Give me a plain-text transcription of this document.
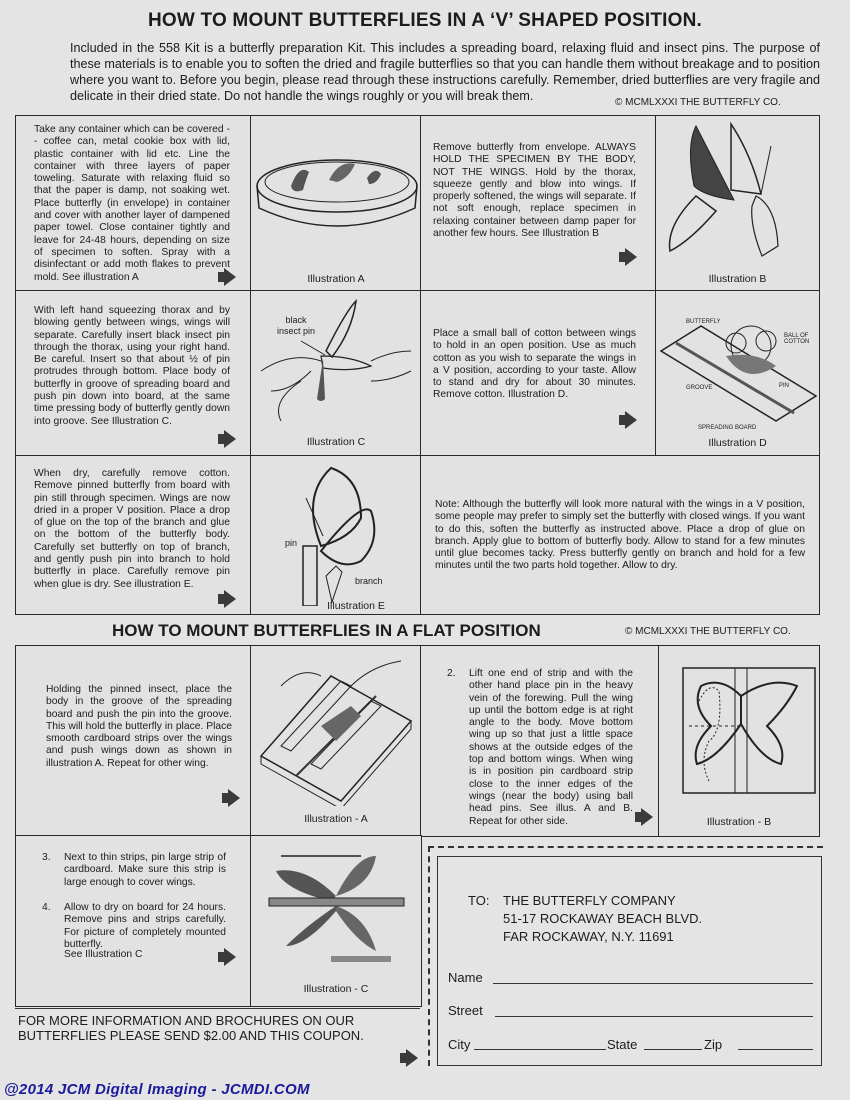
HOW TO MOUNT BUTTERFLIES IN A ‘V’ SHAPED POSITION.
Included in the 558 Kit is a butterfly preparation Kit. This includes a spreading board, relaxing fluid and insect pins. The purpose of these materials is to enable you to soften the dried and fragile butterflies so that you can handle them without breakage and to position where you want to. Before you begin, please read through these instructions carefully. Remember, dried butterflies are very fragile and delicate in their dried state. Do not handle the wings roughly or you will break them.	© MCMLXXXI THE BUTTERFLY CO.
Take any container which can be covered -- coffee can, metal cookie box with lid, plastic container with lid etc. Line the container with three layers of paper toweling. Saturate with relaxing fluid so that the paper is damp, not soaking wet. Place butterfly (in envelope) in container and cover with another layer of dampened paper towel. Close container tightly and leave for 24-48 hours, depending on size of specimen to soften. Spray with a disinfectant or add moth flakes to prevent mold. See illustration A	Illustration A
Remove butterfly from envelope. ALWAYS HOLD THE SPECIMEN BY THE BODY, NOT THE WINGS. Hold by the thorax, squeeze gently and blow into wings. If properly softened, the wings will separate. If not soft enough, replace specimen in relaxing container between damp paper for another few hours. See Illustration B
Illustration B
With left hand squeezing thorax and by blowing gently between wings, wings will separate. Carefully insert black insect pin through the thorax, using your right hand. Be careful. Insert so that about ½ of pin protrudes through bottom. Place body of butterfly in groove of spreading board and push pin down into board, at the same time pressing body of butterfly gently down into groove. See Illustration C.
black
insect pin
Illustration C
Place a small ball of cotton between wings to hold in an open position. Use as much cotton as you wish to separate the wings in a V position, according to your taste. Allow to stand and dry for about 30 minutes. Remove cotton. Illustration D.
BUTTERFLY
BALL OF COTTON
GROOVE	PIN
SPREADING BOARD
Illustration D
When dry, carefully remove cotton. Remove pinned butterfly from board with pin still through specimen. Wings are now dried in a proper V position. Place a drop of glue on the top of the branch and glue on the bottom of the butterfly body. Carefully set butterfly on top of branch, and gently push pin into branch to hold butterfly in place. Carefully remove pin when glue is dry. See illustration E.
pin
branch
Illustration E
Note: Although the butterfly will look more natural with the wings in a V position, some people may prefer to simply set the butterfly with closed wings. If you want to do this, soften the butterfly as instructed above. Place a drop of glue on branch. Apply glue to bottom of butterfly body. Allow to stand for a few minutes until glue becomes tacky. Press butterfly gently on branch and hold for a few minutes until the two parts hold together. Allow to dry.
HOW TO MOUNT BUTTERFLIES IN A FLAT POSITION	© MCMLXXXI THE BUTTERFLY CO.
Holding the pinned insect, place the body in the groove of the spreading board and push the pin into the groove. This will hold the butterfly in place. Place smooth cardboard strips over the wings and push wings down as shown in illustration A. Repeat for other wing.
Illustration - A
2. Lift one end of strip and with the other hand place pin in the heavy vein of the forewing. Pull the wing up until the bottom edge is at right angle to the body. Move bottom wing up so that just a little space shows at the outside edges of the top and bottom wings. When wing is in position pin cardboard strip close to the inner edges of the wings (near the body) using ball head pins. See illus. A and B. Repeat for other side.	Illustration - B
3. Next to thin strips, pin large strip of cardboard. Make sure this strip is large enough to cover wings.
4. Allow to dry on board for 24 hours. Remove pins and strips carefully. For picture of completely mounted butterfly.
See Illustration C
Illustration - C
TO: THE BUTTERFLY COMPANY
51-17 ROCKAWAY BEACH BLVD.
FAR ROCKAWAY, N.Y. 11691
Name
Street
City	State	Zip
FOR MORE INFORMATION AND BROCHURES ON OUR BUTTERFLIES PLEASE SEND $2.00 AND THIS COUPON.
@2014 JCM Digital Imaging - JCMDI.COM
